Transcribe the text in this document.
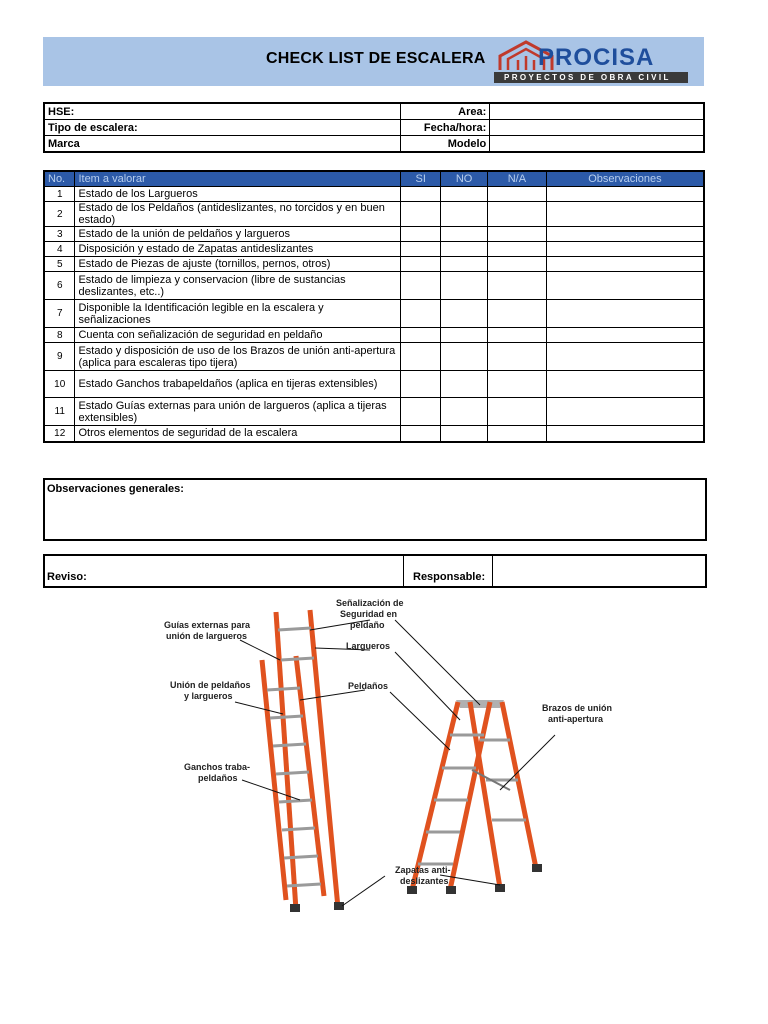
CHECK LIST DE ESCALERA PROCISA
PROYECTOS DE OBRA CIVIL
HSE:	Area:	
Tipo de escalera:	Fecha/hora:	
Marca	Modelo	
No.	Item a valorar	SI	NO	N/A	Observaciones
1	Estado de los Largueros				
2	Estado de los Peldaños (antideslizantes, no torcidos y en buen estado)				
3	Estado de la unión de peldaños y largueros				
4	Disposición y estado de Zapatas antideslizantes				
5	Estado de Piezas de ajuste (tornillos, pernos, otros)				
6	Estado de limpieza y conservacion (libre de sustancias deslizantes, etc..)				
7	Disponible la Identificación legible en la escalera y señalizaciones				
8	Cuenta con señalización de seguridad en peldaño				
9	Estado y disposición de uso de los Brazos de unión anti-apertura (aplica para escaleras tipo tijera)				
10	Estado Ganchos trabapeldaños (aplica en tijeras extensibles)				
11	Estado Guías externas para unión de largueros (aplica a tijeras extensibles)				
12	Otros elementos de seguridad de la escalera				
Observaciones generales:
Reviso:	Responsable:
Guías externas para
unión de largueros
Unión de peldaños
y largueros
Ganchos traba-
peldaños
Señalización de
Seguridad en
peldaño
Largueros
Peldaños
Brazos de unión
anti-apertura
Zapatas anti-
deslizantes
